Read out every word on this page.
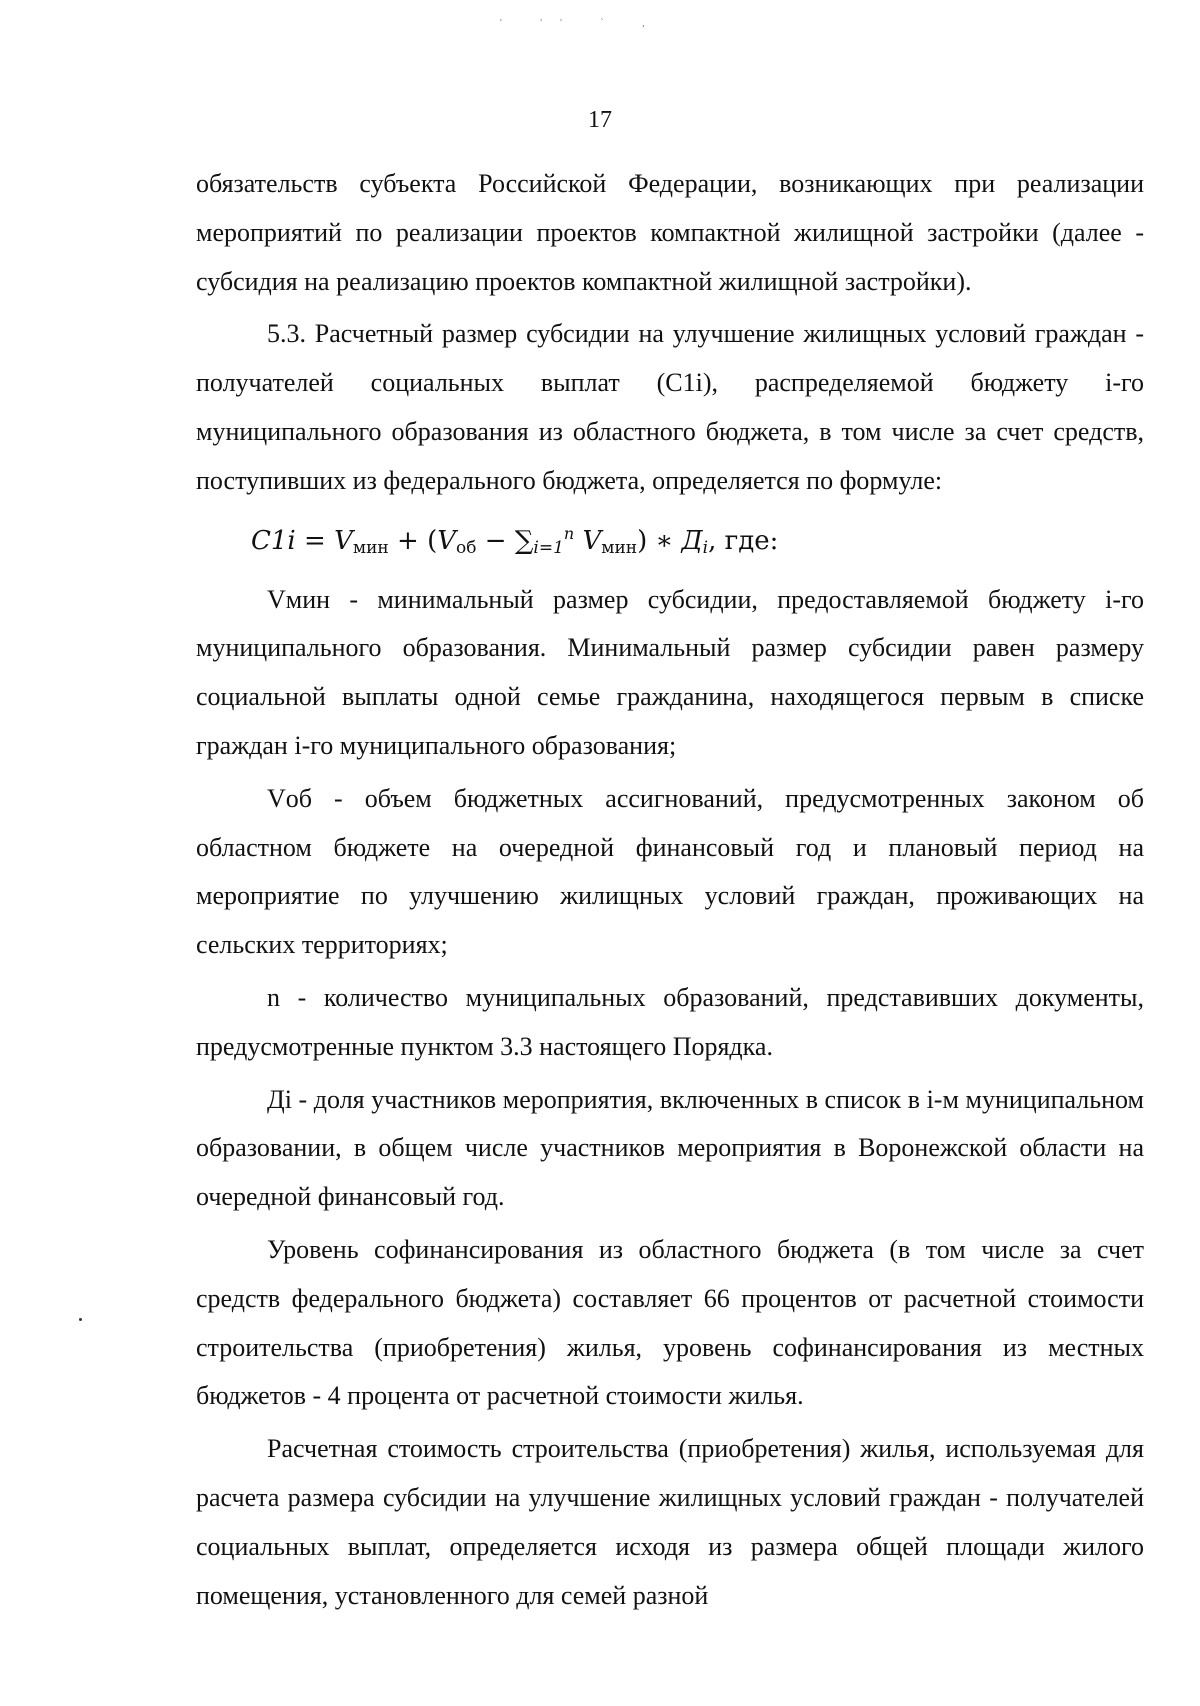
' '' ` ,
17

обязательств субъекта Российской Федерации, возникающих при реализации мероприятий по реализации проектов компактной жилищной застройки (далее - субсидия на реализацию проектов компактной жилищной застройки).

5.3. Расчетный размер субсидии на улучшение жилищных условий граждан - получателей социальных выплат (C1i), распределяемой бюджету i-го муниципального образования из областного бюджета, в том числе за счет средств, поступивших из федерального бюджета, определяется по формуле:

$C1i = V_{мин} + (V_{об} - \sum_{i=1}^n$ $V_{мин}$) ∗ $Д_i$, где:

Vмин - минимальный размер субсидии, предоставляемой бюджету i-го муниципального образования. Минимальный размер субсидии равен размеру социальной выплаты одной семье гражданина, находящегося первым в списке граждан i-го муниципального образования;

Vоб - объем бюджетных ассигнований, предусмотренных законом об областном бюджете на очередной финансовый год и плановый период на мероприятие по улучшению жилищных условий граждан, проживающих на сельских территориях;

n - количество муниципальных образований, представивших документы, предусмотренные пунктом 3.3 настоящего Порядка.

Дi - доля участников мероприятия, включенных в список в i-м муниципальном образовании, в общем числе участников мероприятия в Воронежской области на очередной финансовый год.

Уровень софинансирования из областного бюджета (в том числе за счет средств федерального бюджета) составляет 66 процентов от расчетной стоимости строительства (приобретения) жилья, уровень софинансирования из местных бюджетов - 4 процента от расчетной стоимости жилья.

Расчетная стоимость строительства (приобретения) жилья, используемая для расчета размера субсидии на улучшение жилищных условий граждан - получателей социальных выплат, определяется исходя из размера общей площади жилого помещения, установленного для семей разной
